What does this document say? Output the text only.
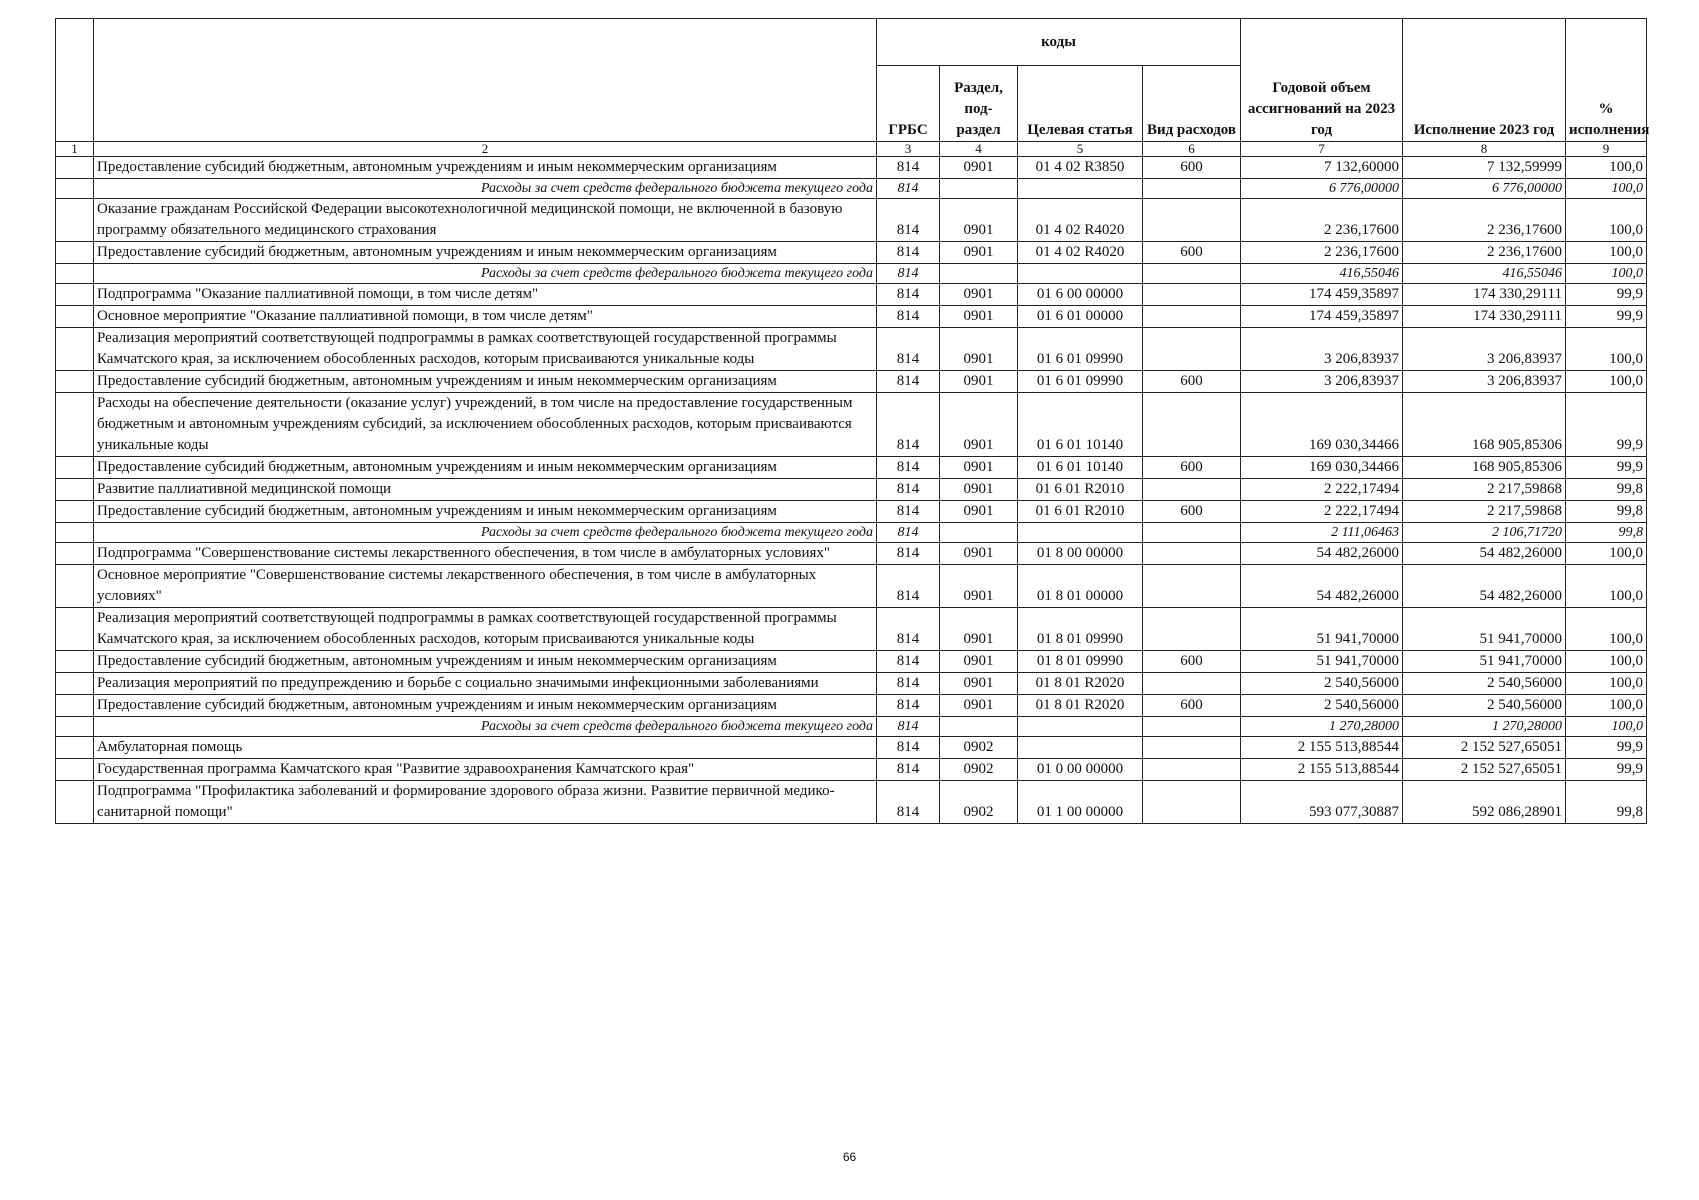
		коды				Годовой объем ассигнований на 2023 год	Исполнение 2023 год	% исполнения
		ГРБС	Раздел, под-раздел	Целевая статья	Вид расходов			
1	2	3	4	5	6	7	8	9
	Предоставление субсидий бюджетным, автономным учреждениям и иным некоммерческим организациям	814	0901	01 4 02 R3850	600	7 132,60000	7 132,59999	100,0
	Расходы за счет средств федерального бюджета текущего года	814				6 776,00000	6 776,00000	100,0
	Оказание гражданам Российской Федерации высокотехнологичной медицинской помощи, не включенной в базовую программу обязательного медицинского страхования	814	0901	01 4 02 R4020		2 236,17600	2 236,17600	100,0
	Предоставление субсидий бюджетным, автономным учреждениям и иным некоммерческим организациям	814	0901	01 4 02 R4020	600	2 236,17600	2 236,17600	100,0
	Расходы за счет средств федерального бюджета текущего года	814				416,55046	416,55046	100,0
	Подпрограмма "Оказание паллиативной помощи, в том числе детям"	814	0901	01 6 00 00000		174 459,35897	174 330,29111	99,9
	Основное мероприятие "Оказание паллиативной помощи, в том числе детям"	814	0901	01 6 01 00000		174 459,35897	174 330,29111	99,9
	Реализация мероприятий соответствующей подпрограммы в рамках соответствующей государственной программы Камчатского края, за исключением обособленных расходов, которым присваиваются уникальные коды	814	0901	01 6 01 09990		3 206,83937	3 206,83937	100,0
	Предоставление субсидий бюджетным, автономным учреждениям и иным некоммерческим организациям	814	0901	01 6 01 09990	600	3 206,83937	3 206,83937	100,0
	Расходы на обеспечение деятельности (оказание услуг) учреждений, в том числе на предоставление государственным бюджетным и автономным учреждениям субсидий, за исключением обособленных расходов, которым присваиваются уникальные коды	814	0901	01 6 01 10140		169 030,34466	168 905,85306	99,9
	Предоставление субсидий бюджетным, автономным учреждениям и иным некоммерческим организациям	814	0901	01 6 01 10140	600	169 030,34466	168 905,85306	99,9
	Развитие паллиативной медицинской помощи	814	0901	01 6 01 R2010		2 222,17494	2 217,59868	99,8
	Предоставление субсидий бюджетным, автономным учреждениям и иным некоммерческим организациям	814	0901	01 6 01 R2010	600	2 222,17494	2 217,59868	99,8
	Расходы за счет средств федерального бюджета текущего года	814				2 111,06463	2 106,71720	99,8
	Подпрограмма "Совершенствование системы лекарственного обеспечения, в том числе в амбулаторных условиях"	814	0901	01 8 00 00000		54 482,26000	54 482,26000	100,0
	Основное мероприятие "Совершенствование системы лекарственного обеспечения, в том числе в амбулаторных условиях"	814	0901	01 8 01 00000		54 482,26000	54 482,26000	100,0
	Реализация мероприятий соответствующей подпрограммы в рамках соответствующей государственной программы Камчатского края, за исключением обособленных расходов, которым присваиваются уникальные коды	814	0901	01 8 01 09990		51 941,70000	51 941,70000	100,0
	Предоставление субсидий бюджетным, автономным учреждениям и иным некоммерческим организациям	814	0901	01 8 01 09990	600	51 941,70000	51 941,70000	100,0
	Реализация мероприятий по предупреждению и борьбе с социально значимыми инфекционными заболеваниями	814	0901	01 8 01 R2020		2 540,56000	2 540,56000	100,0
	Предоставление субсидий бюджетным, автономным учреждениям и иным некоммерческим организациям	814	0901	01 8 01 R2020	600	2 540,56000	2 540,56000	100,0
	Расходы за счет средств федерального бюджета текущего года	814				1 270,28000	1 270,28000	100,0
	Амбулаторная помощь	814	0902			2 155 513,88544	2 152 527,65051	99,9
	Государственная программа Камчатского края "Развитие здравоохранения Камчатского края"	814	0902	01 0 00 00000		2 155 513,88544	2 152 527,65051	99,9
	Подпрограмма "Профилактика заболеваний и формирование здорового образа жизни. Развитие первичной медико-санитарной помощи"	814	0902	01 1 00 00000		593 077,30887	592 086,28901	99,8
66
